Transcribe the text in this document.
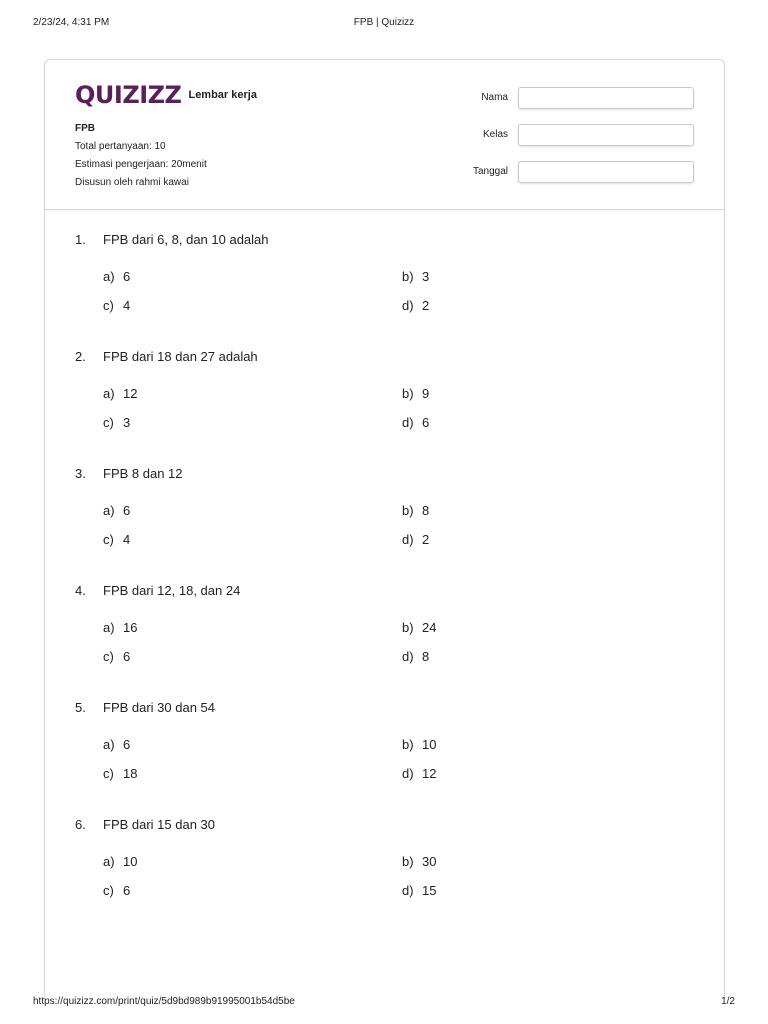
2/23/24, 4:31 PM	FPB | Quizizz
QUIZIZZ Lembar kerja
FPB
Total pertanyaan: 10
Estimasi pengerjaan: 20menit
Disusun oleh rahmi kawai
Nama
Kelas
Tanggal
1. FPB dari 6, 8, dan 10 adalah
a) 6	b) 3
c) 4	d) 2
2. FPB dari 18 dan 27 adalah
a) 12	b) 9
c) 3	d) 6
3. FPB 8 dan 12
a) 6	b) 8
c) 4	d) 2
4. FPB dari 12, 18, dan 24
a) 16	b) 24
c) 6	d) 8
5. FPB dari 30 dan 54
a) 6	b) 10
c) 18	d) 12
6. FPB dari 15 dan 30
a) 10	b) 30
c) 6	d) 15
https://quizizz.com/print/quiz/5d9bd989b91995001b54d5be	1/2
